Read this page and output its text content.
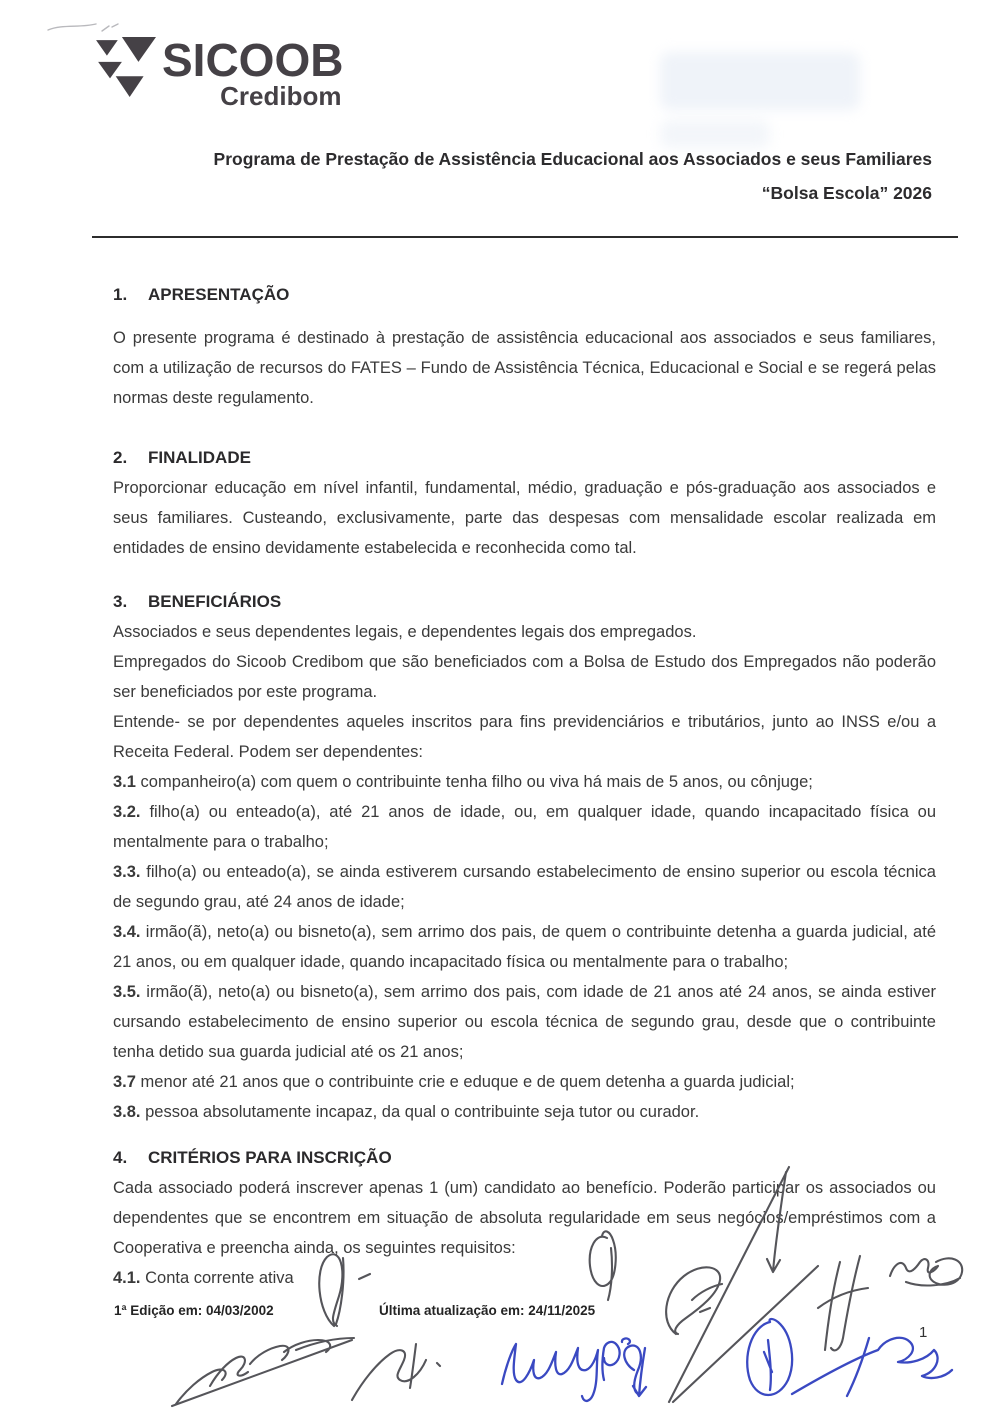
SICOOB
Credibom
Programa de Prestação de Assistência Educacional aos Associados e seus Familiares
“Bolsa Escola” 2026
1. APRESENTAÇÃO

O presente programa é destinado à prestação de assistência educacional aos associados e seus familiares, com a utilização de recursos do FATES – Fundo de Assistência Técnica, Educacional e Social e se regerá pelas normas deste regulamento.

2. FINALIDADE

Proporcionar educação em nível infantil, fundamental, médio, graduação e pós-graduação aos associados e seus familiares. Custeando, exclusivamente, parte das despesas com mensalidade escolar realizada em entidades de ensino devidamente estabelecida e reconhecida como tal.

3. BENEFICIÁRIOS

Associados e seus dependentes legais, e dependentes legais dos empregados.

Empregados do Sicoob Credibom que são beneficiados com a Bolsa de Estudo dos Empregados não poderão ser beneficiados por este programa.

Entende- se por dependentes aqueles inscritos para fins previdenciários e tributários, junto ao INSS e/ou a Receita Federal. Podem ser dependentes:

3.1 companheiro(a) com quem o contribuinte tenha filho ou viva há mais de 5 anos, ou cônjuge;

3.2. filho(a) ou enteado(a), até 21 anos de idade, ou, em qualquer idade, quando incapacitado física ou mentalmente para o trabalho;

3.3. filho(a) ou enteado(a), se ainda estiverem cursando estabelecimento de ensino superior ou escola técnica de segundo grau, até 24 anos de idade;

3.4. irmão(ã), neto(a) ou bisneto(a), sem arrimo dos pais, de quem o contribuinte detenha a guarda judicial, até 21 anos, ou em qualquer idade, quando incapacitado física ou mentalmente para o trabalho;

3.5. irmão(ã), neto(a) ou bisneto(a), sem arrimo dos pais, com idade de 21 anos até 24 anos, se ainda estiver cursando estabelecimento de ensino superior ou escola técnica de segundo grau, desde que o contribuinte tenha detido sua guarda judicial até os 21 anos;

3.7 menor até 21 anos que o contribuinte crie e eduque e de quem detenha a guarda judicial;

3.8. pessoa absolutamente incapaz, da qual o contribuinte seja tutor ou curador.

4. CRITÉRIOS PARA INSCRIÇÃO

Cada associado poderá inscrever apenas 1 (um) candidato ao benefício. Poderão participar os associados ou dependentes que se encontrem em situação de absoluta regularidade em seus negócios/empréstimos com a Cooperativa e preencha ainda, os seguintes requisitos:

4.1. Conta corrente ativa

1ª Edição em: 04/03/2002	Última atualização em: 24/11/2025
1
